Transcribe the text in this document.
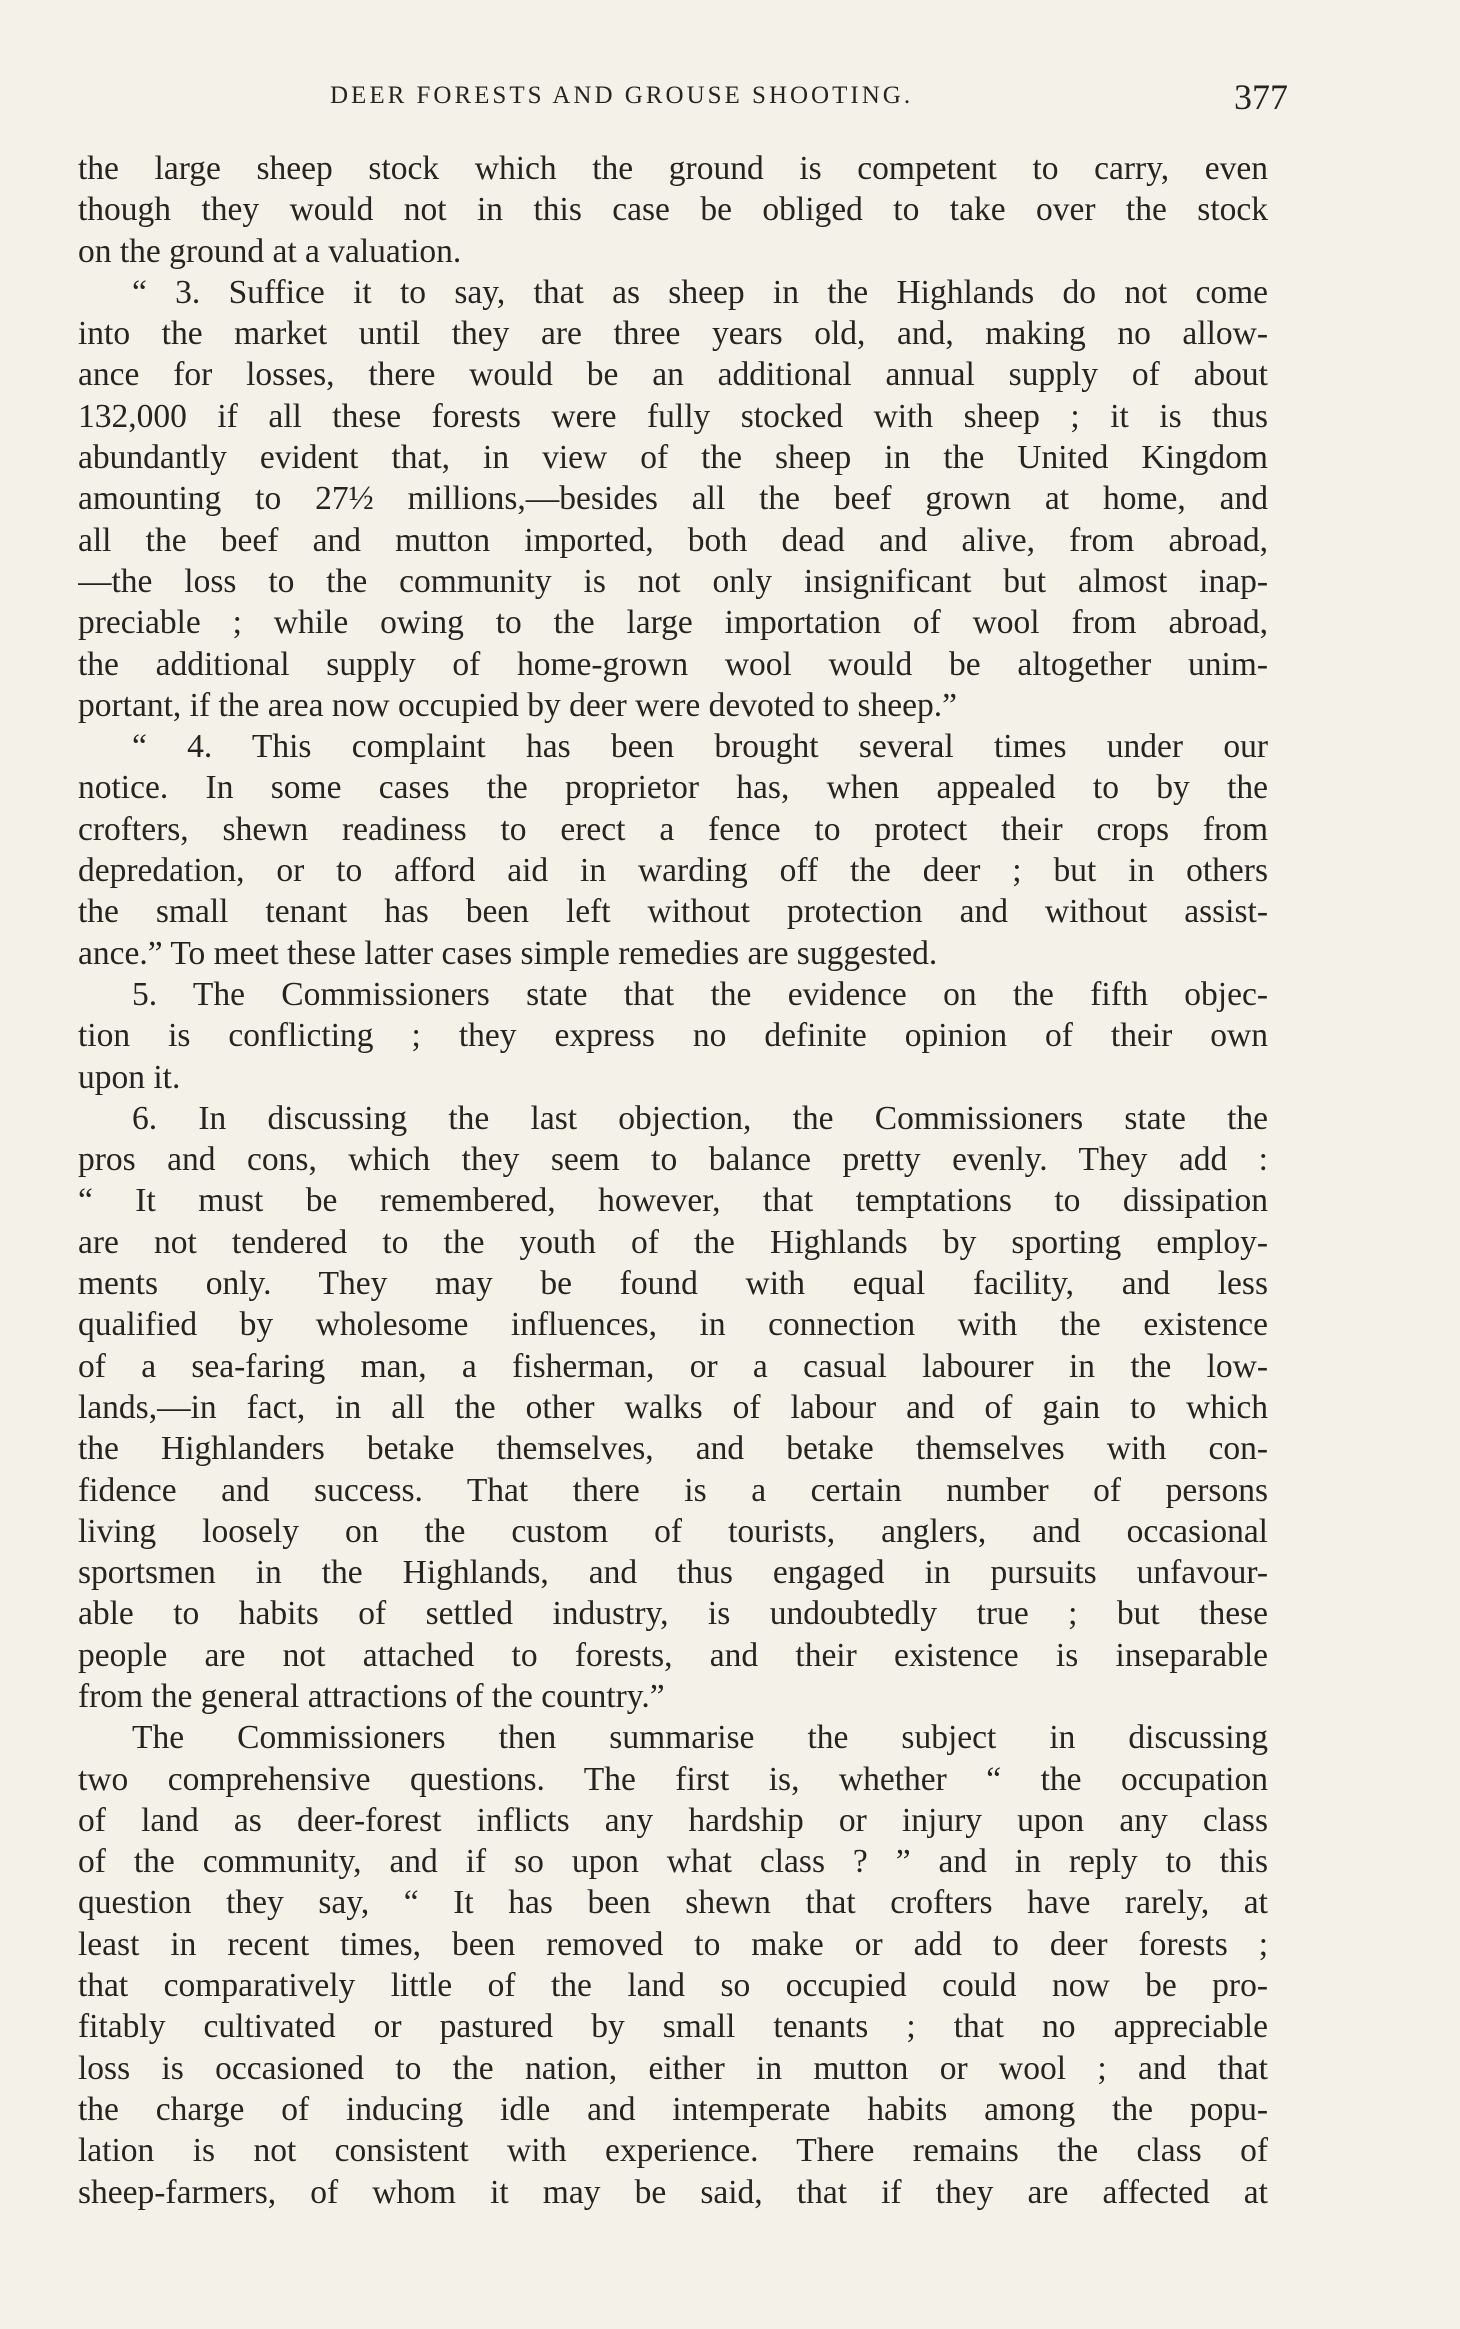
DEER FORESTS AND GROUSE SHOOTING.	377
the large sheep stock which the ground is competent to carry, even
though they would not in this case be obliged to take over the stock
on the ground at a valuation.
“ 3. Suffice it to say, that as sheep in the Highlands do not come
into the market until they are three years old, and, making no allow-
ance for losses, there would be an additional annual supply of about
132,000 if all these forests were fully stocked with sheep ; it is thus
abundantly evident that, in view of the sheep in the United Kingdom
amounting to 27½ millions,—besides all the beef grown at home, and
all the beef and mutton imported, both dead and alive, from abroad,
—the loss to the community is not only insignificant but almost inap-
preciable ; while owing to the large importation of wool from abroad,
the additional supply of home-grown wool would be altogether unim-
portant, if the area now occupied by deer were devoted to sheep.”
“ 4. This complaint has been brought several times under our
notice. In some cases the proprietor has, when appealed to by the
crofters, shewn readiness to erect a fence to protect their crops from
depredation, or to afford aid in warding off the deer ; but in others
the small tenant has been left without protection and without assist-
ance.” To meet these latter cases simple remedies are suggested.
5. The Commissioners state that the evidence on the fifth objec-
tion is conflicting ; they express no definite opinion of their own
upon it.
6. In discussing the last objection, the Commissioners state the
pros and cons, which they seem to balance pretty evenly. They add :
“ It must be remembered, however, that temptations to dissipation
are not tendered to the youth of the Highlands by sporting employ-
ments only. They may be found with equal facility, and less
qualified by wholesome influences, in connection with the existence
of a sea-faring man, a fisherman, or a casual labourer in the low-
lands,—in fact, in all the other walks of labour and of gain to which
the Highlanders betake themselves, and betake themselves with con-
fidence and success. That there is a certain number of persons
living loosely on the custom of tourists, anglers, and occasional
sportsmen in the Highlands, and thus engaged in pursuits unfavour-
able to habits of settled industry, is undoubtedly true ; but these
people are not attached to forests, and their existence is inseparable
from the general attractions of the country.”
The Commissioners then summarise the subject in discussing
two comprehensive questions. The first is, whether “ the occupation
of land as deer-forest inflicts any hardship or injury upon any class
of the community, and if so upon what class ? ” and in reply to this
question they say, “ It has been shewn that crofters have rarely, at
least in recent times, been removed to make or add to deer forests ;
that comparatively little of the land so occupied could now be pro-
fitably cultivated or pastured by small tenants ; that no appreciable
loss is occasioned to the nation, either in mutton or wool ; and that
the charge of inducing idle and intemperate habits among the popu-
lation is not consistent with experience. There remains the class of
sheep-farmers, of whom it may be said, that if they are affected at
